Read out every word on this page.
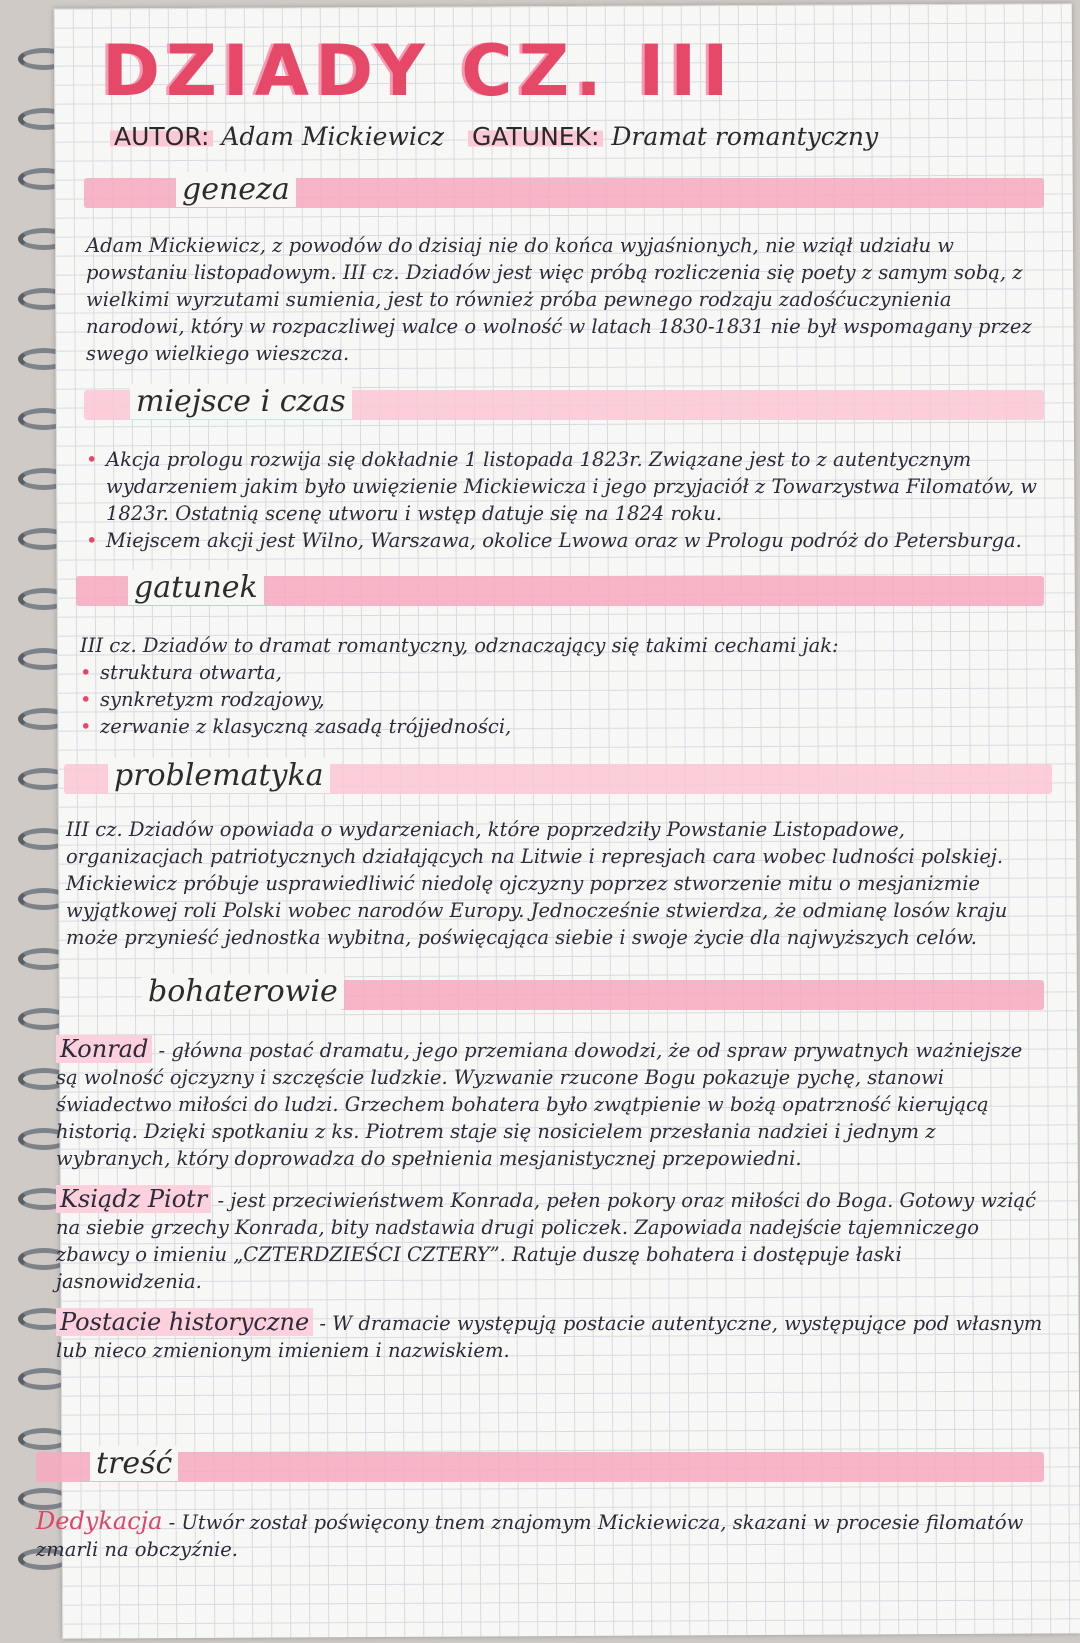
DZIADY CZ. III
AUTOR: Adam Mickiewicz GATUNEK: Dramat romantyczny
geneza

Adam Mickiewicz, z powodów do dzisiaj nie do końca wyjaśnionych, nie wziął udziału w powstaniu listopadowym. III cz. Dziadów jest więc próbą rozliczenia się poety z samym sobą, z wielkimi wyrzutami sumienia, jest to również próba pewnego rodzaju zadośćuczynienia narodowi, który w rozpaczliwej walce o wolność w latach 1830-1831 nie był wspomagany przez swego wielkiego wieszcza.

miejsce i czas
• Akcja prologu rozwija się dokładnie 1 listopada 1823r. Związane jest to z autentycznym wydarzeniem jakim było uwięzienie Mickiewicza i jego przyjaciół z Towarzystwa Filomatów, w 1823r. Ostatnią scenę utworu i wstęp datuje się na 1824 roku.
• Miejscem akcji jest Wilno, Warszawa, okolice Lwowa oraz w Prologu podróż do Petersburga.
gatunek

III cz. Dziadów to dramat romantyczny, odznaczający się takimi cechami jak:

• struktura otwarta,
• synkretyzm rodzajowy,
• zerwanie z klasyczną zasadą trójjedności,
problematyka

III cz. Dziadów opowiada o wydarzeniach, które poprzedziły Powstanie Listopadowe, organizacjach patriotycznych działających na Litwie i represjach cara wobec ludności polskiej. Mickiewicz próbuje usprawiedliwić niedolę ojczyzny poprzez stworzenie mitu o mesjanizmie wyjątkowej roli Polski wobec narodów Europy. Jednocześnie stwierdza, że odmianę losów kraju może przynieść jednostka wybitna, poświęcająca siebie i swoje życie dla najwyższych celów.

bohaterowie

Konrad - główna postać dramatu, jego przemiana dowodzi, że od spraw prywatnych ważniejsze są wolność ojczyzny i szczęście ludzkie. Wyzwanie rzucone Bogu pokazuje pychę, stanowi świadectwo miłości do ludzi. Grzechem bohatera było zwątpienie w bożą opatrzność kierującą historią. Dzięki spotkaniu z ks. Piotrem staje się nosicielem przesłania nadziei i jednym z wybranych, który doprowadza do spełnienia mesjanistycznej przepowiedni.

Ksiądz Piotr - jest przeciwieństwem Konrada, pełen pokory oraz miłości do Boga. Gotowy wziąć na siebie grzechy Konrada, bity nadstawia drugi policzek. Zapowiada nadejście tajemniczego zbawcy o imieniu „CZTERDZIEŚCI CZTERY”. Ratuje duszę bohatera i dostępuje łaski jasnowidzenia.

Postacie historyczne - W dramacie występują postacie autentyczne, występujące pod własnym lub nieco zmienionym imieniem i nazwiskiem.

treść

Dedykacja - Utwór został poświęcony tnem znajomym Mickiewicza, skazani w procesie filomatów zmarli na obczyźnie.
